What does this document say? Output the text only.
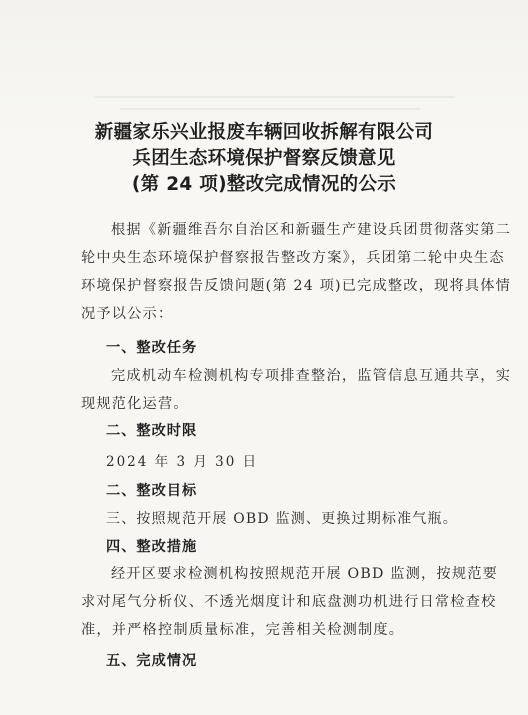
新疆家乐兴业报废车辆回收拆解有限公司
兵团生态环境保护督察反馈意见
(第 24 项)整改完成情况的公示
根据《新疆维吾尔自治区和新疆生产建设兵团贯彻落实第二
轮中央生态环境保护督察报告整改方案》，兵团第二轮中央生态
环境保护督察报告反馈问题(第 24 项)已完成整改，现将具体情
况予以公示：
一、整改任务
完成机动车检测机构专项排查整治，监管信息互通共享，实
现规范化运营。
二、整改时限
2024 年 3 月 30 日
二、整改目标
三、按照规范开展 OBD 监测、更换过期标准气瓶。
四、整改措施
经开区要求检测机构按照规范开展 OBD 监测，按规范要
求对尾气分析仪、不透光烟度计和底盘测功机进行日常检查校
准，并严格控制质量标准，完善相关检测制度。
五、完成情况
